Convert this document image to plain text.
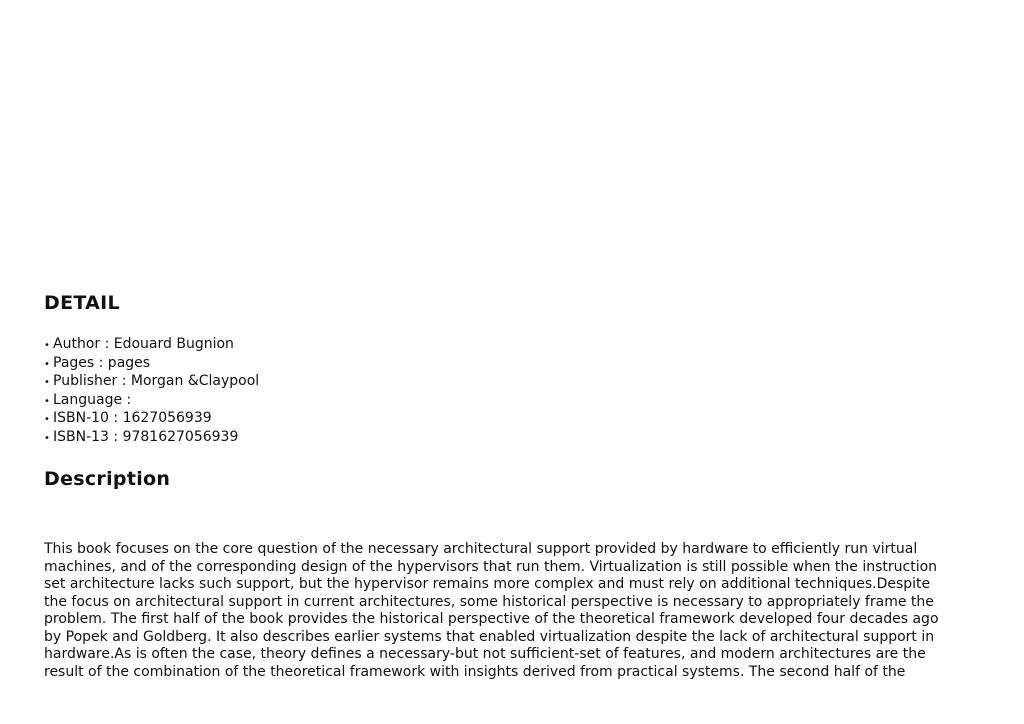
DETAIL
• Author : Edouard Bugnion
• Pages : pages
• Publisher : Morgan &Claypool
• Language :
• ISBN-10 : 1627056939
• ISBN-13 : 9781627056939
Description

This book focuses on the core question of the necessary architectural support provided by hardware to efficiently run virtual
machines, and of the corresponding design of the hypervisors that run them. Virtualization is still possible when the instruction
set architecture lacks such support, but the hypervisor remains more complex and must rely on additional techniques.Despite
the focus on architectural support in current architectures, some historical perspective is necessary to appropriately frame the
problem. The first half of the book provides the historical perspective of the theoretical framework developed four decades ago
by Popek and Goldberg. It also describes earlier systems that enabled virtualization despite the lack of architectural support in
hardware.As is often the case, theory defines a necessary-but not sufficient-set of features, and modern architectures are the
result of the combination of the theoretical framework with insights derived from practical systems. The second half of the
